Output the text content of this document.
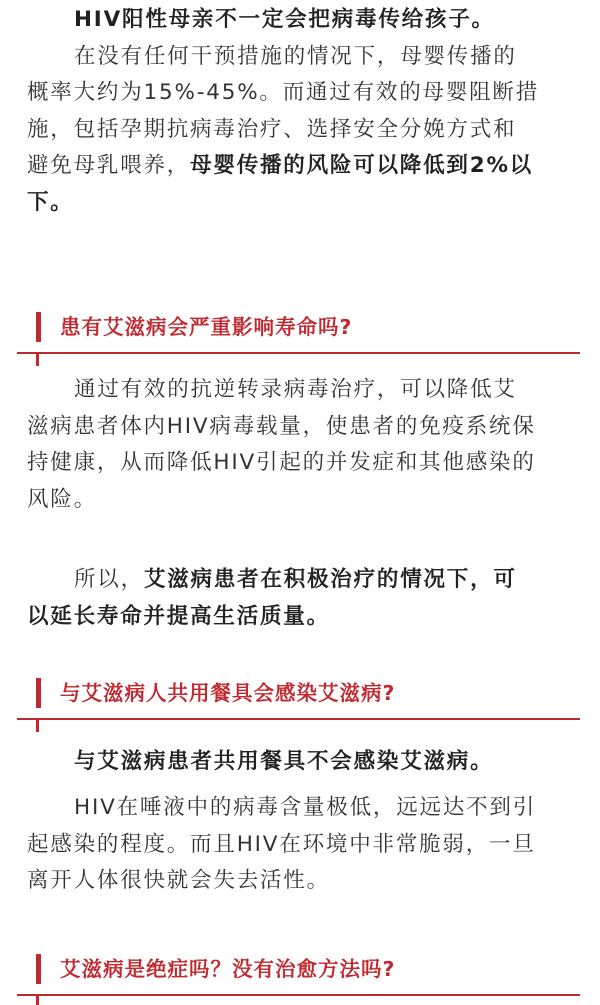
HIV阳性母亲不一定会把病毒传给孩子。
在没有任何干预措施的情况下，母婴传播的
概率大约为15%-45%。而通过有效的母婴阻断措
施，包括孕期抗病毒治疗、选择安全分娩方式和
避免母乳喂养，母婴传播的风险可以降低到2%以
下。
患有艾滋病会严重影响寿命吗?
通过有效的抗逆转录病毒治疗，可以降低艾
滋病患者体内HIV病毒载量，使患者的免疫系统保
持健康，从而降低HIV引起的并发症和其他感染的
风险。
所以，艾滋病患者在积极治疗的情况下，可
以延长寿命并提高生活质量。
与艾滋病人共用餐具会感染艾滋病?
与艾滋病患者共用餐具不会感染艾滋病。
HIV在唾液中的病毒含量极低，远远达不到引
起感染的程度。而且HIV在环境中非常脆弱，一旦
离开人体很快就会失去活性。
艾滋病是绝症吗？没有治愈方法吗?
